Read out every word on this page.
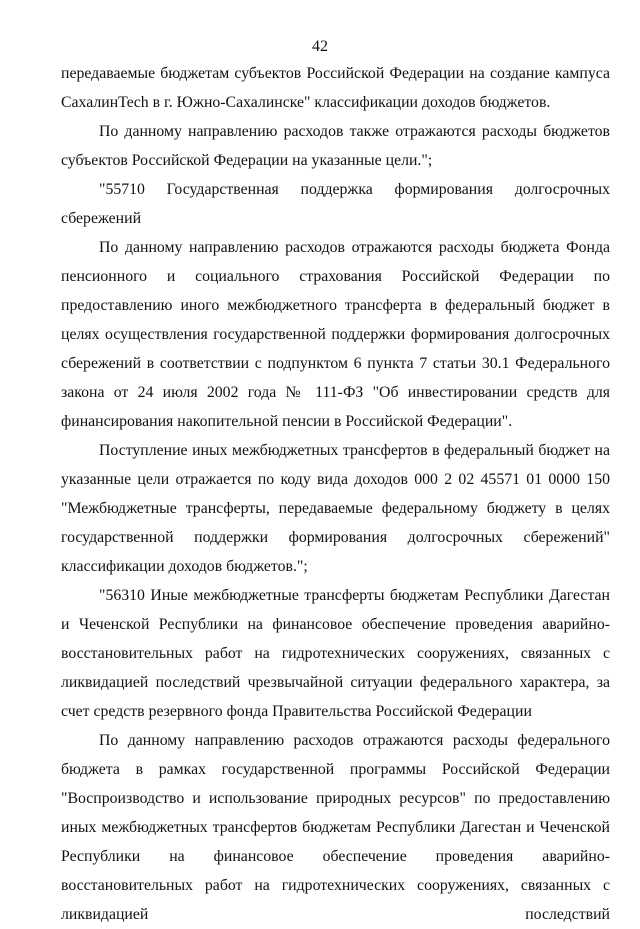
42

передаваемые бюджетам субъектов Российской Федерации на создание кампуса СахалинTech в г. Южно-Сахалинске" классификации доходов бюджетов.

По данному направлению расходов также отражаются расходы бюджетов субъектов Российской Федерации на указанные цели.";

"55710 Государственная поддержка формирования долгосрочных сбережений

По данному направлению расходов отражаются расходы бюджета Фонда пенсионного и социального страхования Российской Федерации по предоставлению иного межбюджетного трансферта в федеральный бюджет в целях осуществления государственной поддержки формирования долгосрочных сбережений в соответствии с подпунктом 6 пункта 7 статьи 30.1 Федерального закона от 24 июля 2002 года № 111-ФЗ "Об инвестировании средств для финансирования накопительной пенсии в Российской Федерации".

Поступление иных межбюджетных трансфертов в федеральный бюджет на указанные цели отражается по коду вида доходов 000 2 02 45571 01 0000 150 "Межбюджетные трансферты, передаваемые федеральному бюджету в целях государственной поддержки формирования долгосрочных сбережений" классификации доходов бюджетов.";

"56310 Иные межбюджетные трансферты бюджетам Республики Дагестан и Чеченской Республики на финансовое обеспечение проведения аварийно-восстановительных работ на гидротехнических сооружениях, связанных с ликвидацией последствий чрезвычайной ситуации федерального характера, за счет средств резервного фонда Правительства Российской Федерации

По данному направлению расходов отражаются расходы федерального бюджета в рамках государственной программы Российской Федерации "Воспроизводство и использование природных ресурсов" по предоставлению иных межбюджетных трансфертов бюджетам Республики Дагестан и Чеченской Республики на финансовое обеспечение проведения аварийно-восстановительных работ на гидротехнических сооружениях, связанных с ликвидацией последствий
